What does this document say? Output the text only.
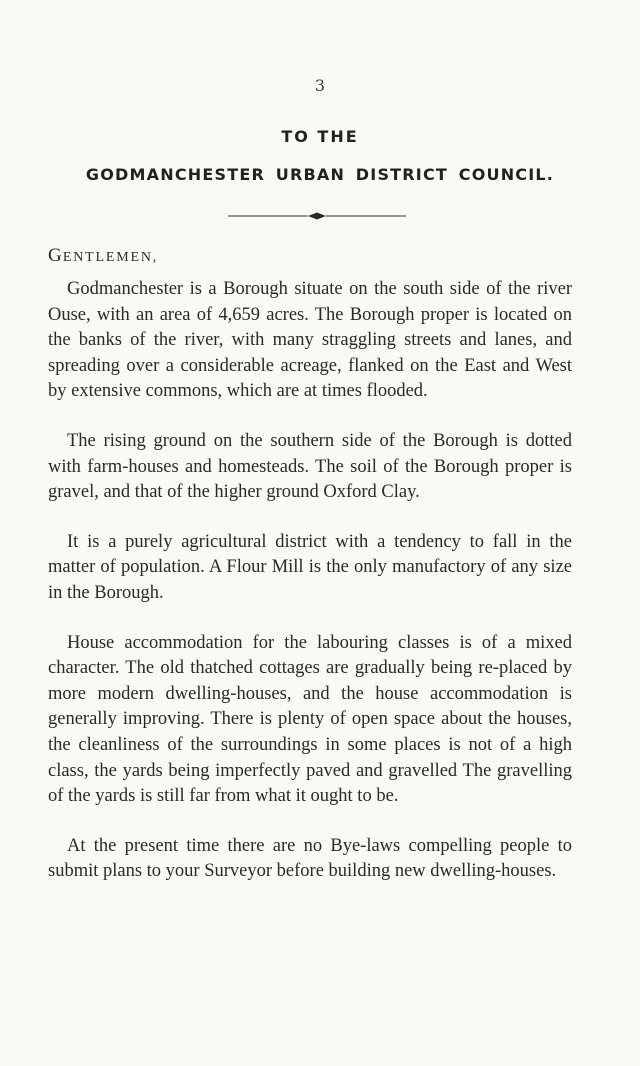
3
TO THE
GODMANCHESTER URBAN DISTRICT COUNCIL.
GENTLEMEN,

Godmanchester is a Borough situate on the south side of the river Ouse, with an area of 4,659 acres. The Borough proper is located on the banks of the river, with many straggling streets and lanes, and spreading over a considerable acreage, flanked on the East and West by extensive commons, which are at times flooded.

The rising ground on the southern side of the Borough is dotted with farm-houses and homesteads. The soil of the Borough proper is gravel, and that of the higher ground Oxford Clay.

It is a purely agricultural district with a tendency to fall in the matter of population. A Flour Mill is the only manufactory of any size in the Borough.

House accommodation for the labouring classes is of a mixed character. The old thatched cottages are gradually being re-placed by more modern dwelling-houses, and the house accommodation is generally improving. There is plenty of open space about the houses, the cleanliness of the surroundings in some places is not of a high class, the yards being imperfectly paved and gravelled The gravelling of the yards is still far from what it ought to be.

At the present time there are no Bye-laws compelling people to submit plans to your Surveyor before building new dwelling-houses.
